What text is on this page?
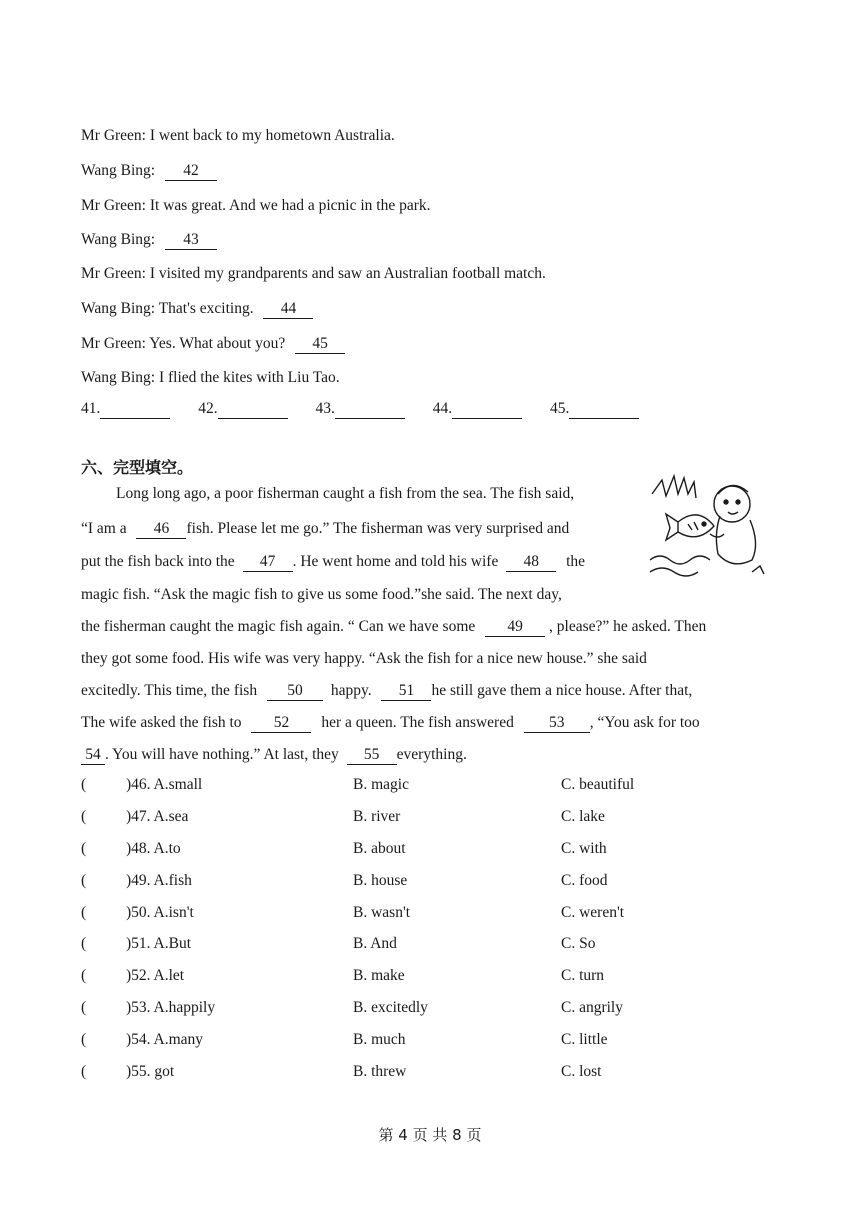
Mr Green: I went back to my hometown Australia.
Wang Bing: 42
Mr Green: It was great. And we had a picnic in the park.
Wang Bing: 43
Mr Green: I visited my grandparents and saw an Australian football match.
Wang Bing: That's exciting. 44
Mr Green: Yes. What about you? 45
Wang Bing: I flied the kites with Liu Tao.
41.	42.	43.	44.	45.
六、完型填空。
Long long ago, a poor fisherman caught a fish from the sea. The fish said,
“I am a 46 fish. Please let me go.” The fisherman was very surprised and
put the fish back into the 47 . He went home and told his wife 48 the
magic fish. “Ask the magic fish to give us some food.”she said. The next day,
the fisherman caught the magic fish again. “ Can we have some 49 , please?” he asked. Then
they got some food. His wife was very happy. “Ask the fish for a nice new house.” she said
excitedly. This time, the fish 50 happy. 51 he still gave them a nice house. After that,
The wife asked the fish to 52 her a queen. The fish answered 53 , “You ask for too
54 . You will have nothing.” At last, they 55 everything.
(	)46. A.small	B. magic	C. beautiful
(	)47. A.sea	B. river	C. lake
(	)48. A.to	B. about	C. with
(	)49. A.fish	B. house	C. food
(	)50. A.isn't	B. wasn't	C. weren't
(	)51. A.But	B. And	C. So
(	)52. A.let	B. make	C. turn
(	)53. A.happily	B. excitedly	C. angrily
(	)54. A.many	B. much	C. little
(	)55. got	B. threw	C. lost
第 4 页 共 8 页
